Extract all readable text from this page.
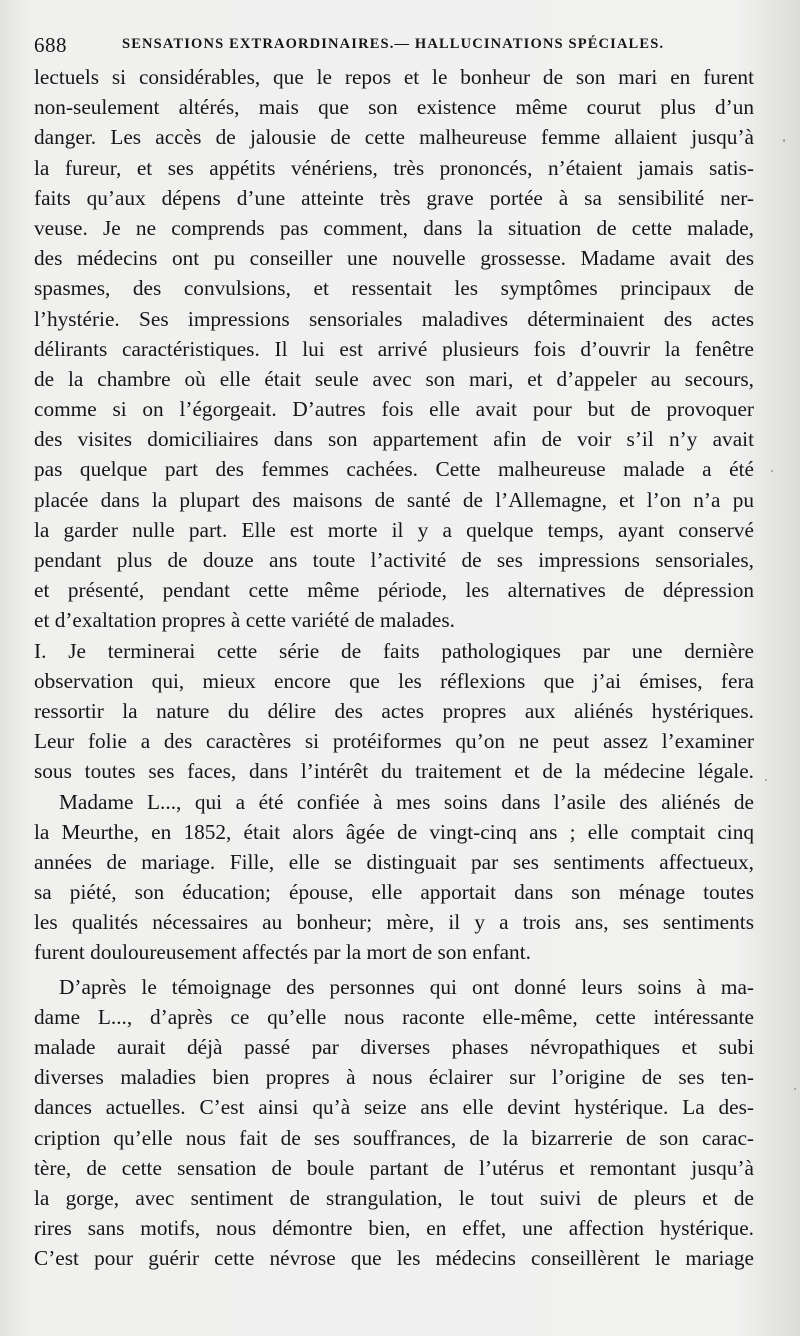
688	SENSATIONS EXTRAORDINAIRES.— HALLUCINATIONS SPÉCIALES.
lectuels si considérables, que le repos et le bonheur de son mari en furent
non-seulement altérés, mais que son existence même courut plus d’un
danger. Les accès de jalousie de cette malheureuse femme allaient jusqu’à
la fureur, et ses appétits vénériens, très prononcés, n’étaient jamais satis-
faits qu’aux dépens d’une atteinte très grave portée à sa sensibilité ner-
veuse. Je ne comprends pas comment, dans la situation de cette malade,
des médecins ont pu conseiller une nouvelle grossesse. Madame avait des
spasmes, des convulsions, et ressentait les symptômes principaux de
l’hystérie. Ses impressions sensoriales maladives déterminaient des actes
délirants caractéristiques. Il lui est arrivé plusieurs fois d’ouvrir la fenêtre
de la chambre où elle était seule avec son mari, et d’appeler au secours,
comme si on l’égorgeait. D’autres fois elle avait pour but de provoquer
des visites domiciliaires dans son appartement afin de voir s’il n’y avait
pas quelque part des femmes cachées. Cette malheureuse malade a été
placée dans la plupart des maisons de santé de l’Allemagne, et l’on n’a pu
la garder nulle part. Elle est morte il y a quelque temps, ayant conservé
pendant plus de douze ans toute l’activité de ses impressions sensoriales,
et présenté, pendant cette même période, les alternatives de dépression
et d’exaltation propres à cette variété de malades.
I. Je terminerai cette série de faits pathologiques par une dernière
observation qui, mieux encore que les réflexions que j’ai émises, fera
ressortir la nature du délire des actes propres aux aliénés hystériques.
Leur folie a des caractères si protéiformes qu’on ne peut assez l’examiner
sous toutes ses faces, dans l’intérêt du traitement et de la médecine légale.
Madame L..., qui a été confiée à mes soins dans l’asile des aliénés de
la Meurthe, en 1852, était alors âgée de vingt-cinq ans ; elle comptait cinq
années de mariage. Fille, elle se distinguait par ses sentiments affectueux,
sa piété, son éducation; épouse, elle apportait dans son ménage toutes
les qualités nécessaires au bonheur; mère, il y a trois ans, ses sentiments
furent douloureusement affectés par la mort de son enfant.
D’après le témoignage des personnes qui ont donné leurs soins à ma-
dame L..., d’après ce qu’elle nous raconte elle-même, cette intéressante
malade aurait déjà passé par diverses phases névropathiques et subi
diverses maladies bien propres à nous éclairer sur l’origine de ses ten-
dances actuelles. C’est ainsi qu’à seize ans elle devint hystérique. La des-
cription qu’elle nous fait de ses souffrances, de la bizarrerie de son carac-
tère, de cette sensation de boule partant de l’utérus et remontant jusqu’à
la gorge, avec sentiment de strangulation, le tout suivi de pleurs et de
rires sans motifs, nous démontre bien, en effet, une affection hystérique.
C’est pour guérir cette névrose que les médecins conseillèrent le mariage
